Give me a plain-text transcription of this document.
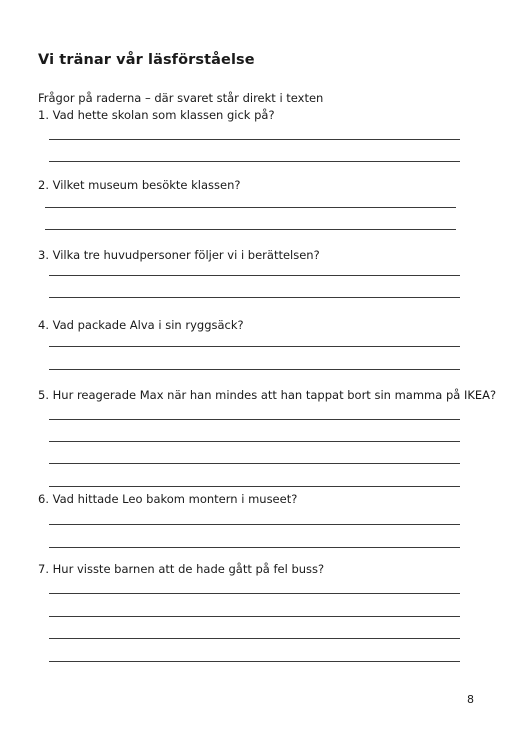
Vi tränar vår läsförståelse
Frågor på raderna – där svaret står direkt i texten
1. Vad hette skolan som klassen gick på?
2. Vilket museum besökte klassen?
3. Vilka tre huvudpersoner följer vi i berättelsen?
4. Vad packade Alva i sin ryggsäck?
5. Hur reagerade Max när han mindes att han tappat bort sin mamma på IKEA?
6. Vad hittade Leo bakom montern i museet?
7. Hur visste barnen att de hade gått på fel buss?
8
